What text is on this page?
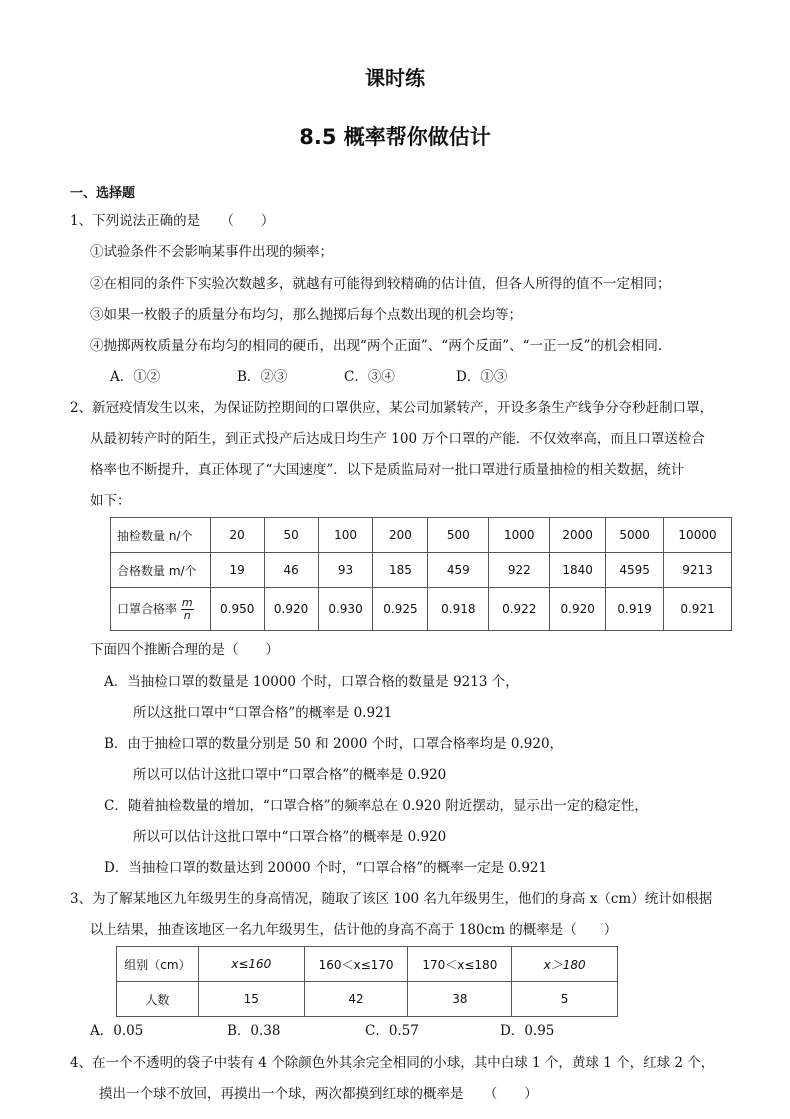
课时练
8.5 概率帮你做估计
一、选择题
1、下列说法正确的是　　（　　）
①试验条件不会影响某事件出现的频率；
②在相同的条件下实验次数越多，就越有可能得到较精确的估计值，但各人所得的值不一定相同；
③如果一枚骰子的质量分布均匀，那么抛掷后每个点数出现的机会均等；
④抛掷两枚质量分布均匀的相同的硬币，出现“两个正面”、“两个反面”、“一正一反”的机会相同.
A．①②	B．②③	C．③④	D．①③
2、新冠疫情发生以来，为保证防控期间的口罩供应，某公司加紧转产，开设多条生产线争分夺秒赶制口罩，
从最初转产时的陌生，到正式投产后达成日均生产 100 万个口罩的产能．不仅效率高，而且口罩送检合
格率也不断提升，真正体现了“大国速度”．以下是质监局对一批口罩进行质量抽检的相关数据，统计
如下：
抽检数量 n/个	20	50	100	200	500	1000	2000	5000	10000
合格数量 m/个	19	46	93	185	459	922	1840	4595	9213
口罩合格率 $\frac{m}{n}$	0.950	0.920	0.930	0.925	0.918	0.922	0.920	0.919	0.921
下面四个推断合理的是（　　）
A．当抽检口罩的数量是 10000 个时，口罩合格的数量是 9213 个，
所以这批口罩中“口罩合格”的概率是 0.921
B．由于抽检口罩的数量分别是 50 和 2000 个时，口罩合格率均是 0.920，
所以可以估计这批口罩中“口罩合格”的概率是 0.920
C．随着抽检数量的增加，“口罩合格”的频率总在 0.920 附近摆动，显示出一定的稳定性，
所以可以估计这批口罩中“口罩合格”的概率是 0.920
D．当抽检口罩的数量达到 20000 个时，“口罩合格”的概率一定是 0.921
3、为了解某地区九年级男生的身高情况，随取了该区 100 名九年级男生，他们的身高 x（cm）统计如根据
以上结果，抽查该地区一名九年级男生，估计他的身高不高于 180cm 的概率是（　　）
组别（cm）	x≤160	160＜x≤170	170＜x≤180	x＞180
人数	15	42	38	5
A．0.05	B．0.38	C．0.57	D．0.95
4、在一个不透明的袋子中装有 4 个除颜色外其余完全相同的小球，其中白球 1 个，黄球 1 个，红球 2 个，
摸出一个球不放回，再摸出一个球，两次都摸到红球的概率是　　（　　）
